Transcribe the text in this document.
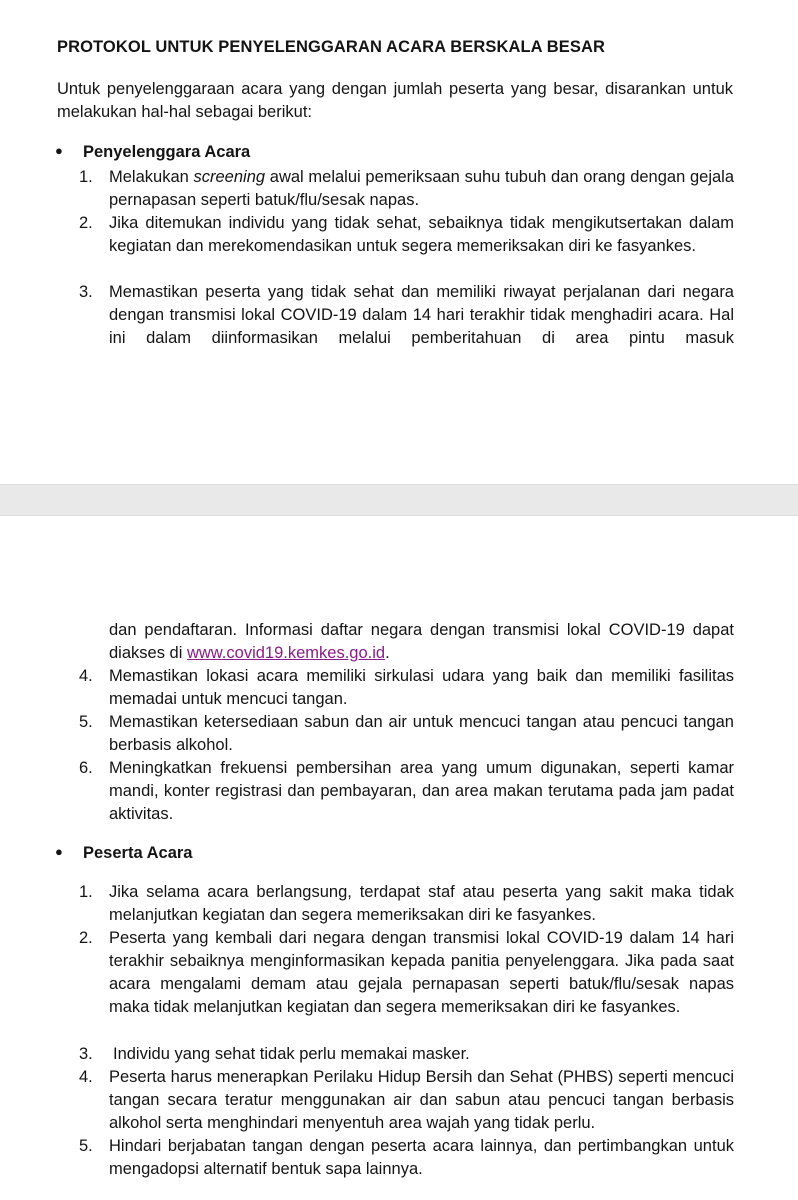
PROTOKOL UNTUK PENYELENGGARAN ACARA BERSKALA BESAR
Untuk penyelenggaraan acara yang dengan jumlah peserta yang besar, disarankan untuk melakukan hal-hal sebagai berikut:
● Penyelenggara Acara
1. Melakukan screening awal melalui pemeriksaan suhu tubuh dan orang dengan gejala pernapasan seperti batuk/flu/sesak napas.
2. Jika ditemukan individu yang tidak sehat, sebaiknya tidak mengikutsertakan dalam kegiatan dan merekomendasikan untuk segera memeriksakan diri ke fasyankes.
3. Memastikan peserta yang tidak sehat dan memiliki riwayat perjalanan dari negara dengan transmisi lokal COVID-19 dalam 14 hari terakhir tidak menghadiri acara. Hal ini dalam diinformasikan melalui pemberitahuan di area pintu masuk
dan pendaftaran. Informasi daftar negara dengan transmisi lokal COVID-19 dapat diakses di www.covid19.kemkes.go.id.
4. Memastikan lokasi acara memiliki sirkulasi udara yang baik dan memiliki fasilitas memadai untuk mencuci tangan.
5. Memastikan ketersediaan sabun dan air untuk mencuci tangan atau pencuci tangan berbasis alkohol.
6. Meningkatkan frekuensi pembersihan area yang umum digunakan, seperti kamar mandi, konter registrasi dan pembayaran, dan area makan terutama pada jam padat aktivitas.
● Peserta Acara
1. Jika selama acara berlangsung, terdapat staf atau peserta yang sakit maka tidak melanjutkan kegiatan dan segera memeriksakan diri ke fasyankes.
2. Peserta yang kembali dari negara dengan transmisi lokal COVID-19 dalam 14 hari terakhir sebaiknya menginformasikan kepada panitia penyelenggara. Jika pada saat acara mengalami demam atau gejala pernapasan seperti batuk/flu/sesak napas maka tidak melanjutkan kegiatan dan segera memeriksakan diri ke fasyankes.
3.	Individu yang sehat tidak perlu memakai masker.
4. Peserta harus menerapkan Perilaku Hidup Bersih dan Sehat (PHBS) seperti mencuci tangan secara teratur menggunakan air dan sabun atau pencuci tangan berbasis alkohol serta menghindari menyentuh area wajah yang tidak perlu.
5. Hindari berjabatan tangan dengan peserta acara lainnya, dan pertimbangkan untuk mengadopsi alternatif bentuk sapa lainnya.
